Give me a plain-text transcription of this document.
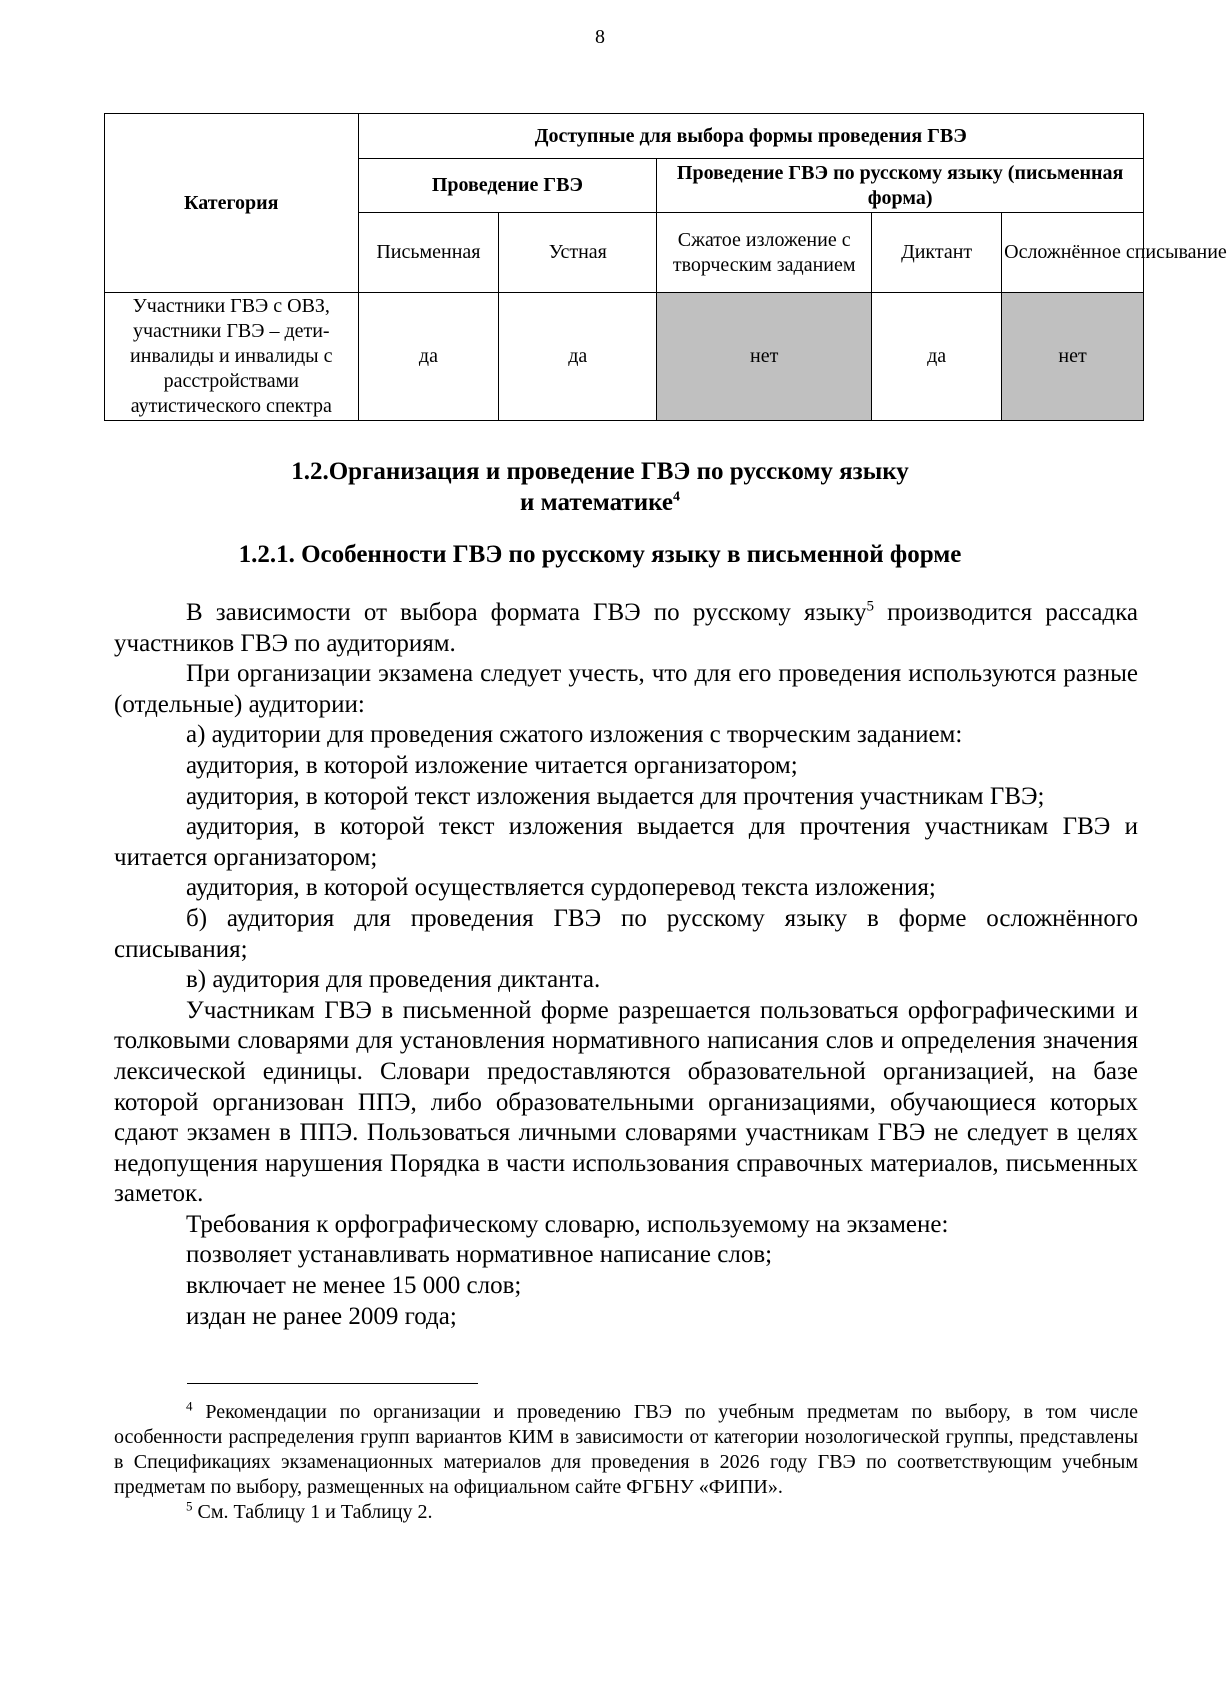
8
Категория	Доступные для выбора формы проведения ГВЭ				
	Проведение ГВЭ		Проведение ГВЭ по русскому языку (письменная форма)		
	Письменная	Устная	Сжатое изложение с творческим заданием	Диктант	Осложнённое списывание
Участники ГВЭ с ОВЗ, участники ГВЭ – дети-инвалиды и инвалиды с расстройствами аутистического спектра	да	да	нет	да	нет
1.2.Организация и проведение ГВЭ по русскому языку
и математике$^4$
1.2.1. Особенности ГВЭ по русскому языку в письменной форме

В зависимости от выбора формата ГВЭ по русскому языку$^5$ производится рассадка участников ГВЭ по аудиториям.

При организации экзамена следует учесть, что для его проведения используются разные (отдельные) аудитории:

а) аудитории для проведения сжатого изложения с творческим заданием:

аудитория, в которой изложение читается организатором;

аудитория, в которой текст изложения выдается для прочтения участникам ГВЭ;

аудитория, в которой текст изложения выдается для прочтения участникам ГВЭ и читается организатором;

аудитория, в которой осуществляется сурдоперевод текста изложения;

б) аудитория для проведения ГВЭ по русскому языку в форме осложнённого списывания;

в) аудитория для проведения диктанта.

Участникам ГВЭ в письменной форме разрешается пользоваться орфографическими и толковыми словарями для установления нормативного написания слов и определения значения лексической единицы. Словари предоставляются образовательной организацией, на базе которой организован ППЭ, либо образовательными организациями, обучающиеся которых сдают экзамен в ППЭ. Пользоваться личными словарями участникам ГВЭ не следует в целях недопущения нарушения Порядка в части использования справочных материалов, письменных заметок.

Требования к орфографическому словарю, используемому на экзамене:

позволяет устанавливать нормативное написание слов;

включает не менее 15 000 слов;

издан не ранее 2009 года;

$^4$ Рекомендации по организации и проведению ГВЭ по учебным предметам по выбору, в том числе особенности распределения групп вариантов КИМ в зависимости от категории нозологической группы, представлены в Спецификациях экзаменационных материалов для проведения в 2026 году ГВЭ по соответствующим учебным предметам по выбору, размещенных на официальном сайте ФГБНУ «ФИПИ».

$^5$ См. Таблицу 1 и Таблицу 2.
